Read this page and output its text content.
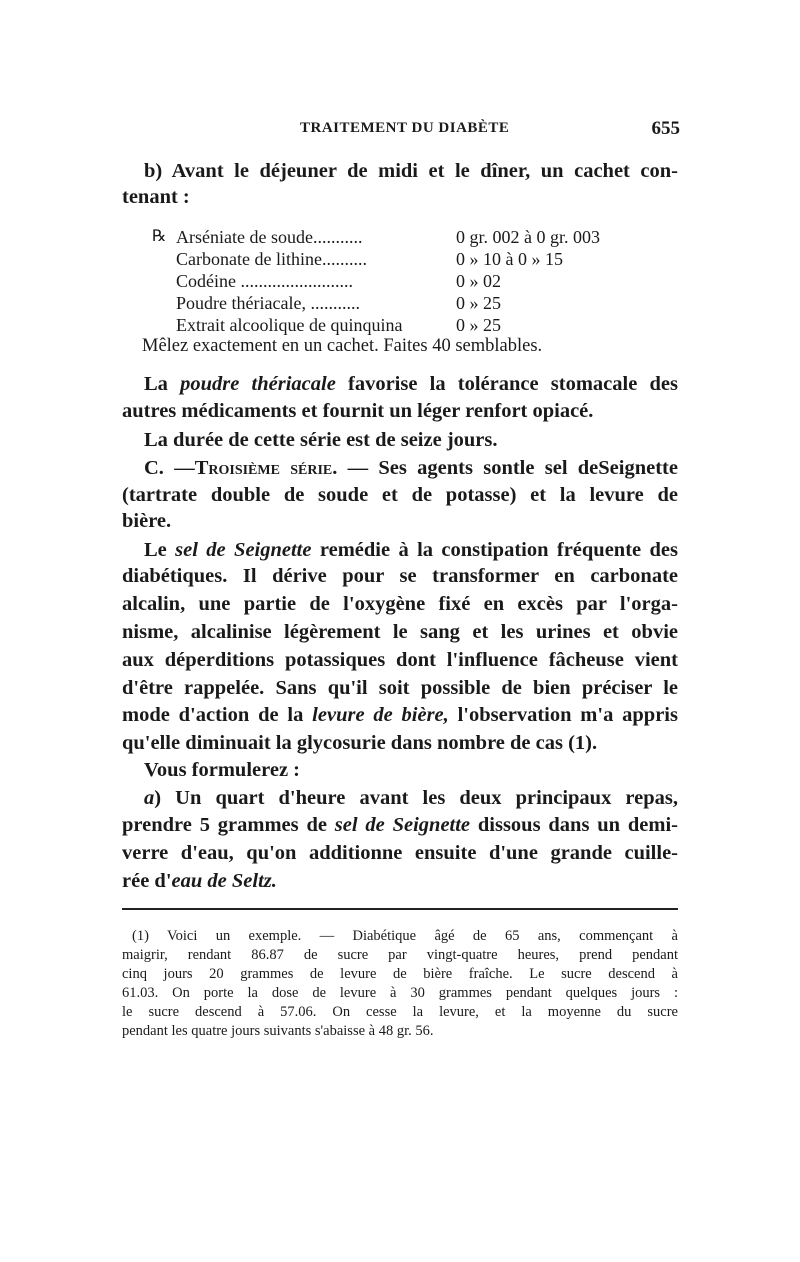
TRAITEMENT DU DIABÈTE	655
b) Avant le déjeuner de midi et le dîner, un cachet con-
tenant :
℞ Arséniate de soude...........	0 gr. 002 à 0 gr. 003
Carbonate de lithine..........	0 » 10 à 0 » 15
Codéine .........................	0 » 02
Poudre thériacale, ...........	0 » 25
Extrait alcoolique de quinquina	0 » 25
Mêlez exactement en un cachet. Faites 40 semblables.
La poudre thériacale favorise la tolérance stomacale des
autres médicaments et fournit un léger renfort opiacé.
La durée de cette série est de seize jours.
C. —Troisième série. — Ses agents sontle sel deSeignette
(tartrate double de soude et de potasse) et la levure de
bière.
Le sel de Seignette remédie à la constipation fréquente des
diabétiques. Il dérive pour se transformer en carbonate
alcalin, une partie de l'oxygène fixé en excès par l'orga-
nisme, alcalinise légèrement le sang et les urines et obvie
aux déperditions potassiques dont l'influence fâcheuse vient
d'être rappelée. Sans qu'il soit possible de bien préciser le
mode d'action de la levure de bière, l'observation m'a appris
qu'elle diminuait la glycosurie dans nombre de cas (1).
Vous formulerez :
a) Un quart d'heure avant les deux principaux repas,
prendre 5 grammes de sel de Seignette dissous dans un demi-
verre d'eau, qu'on additionne ensuite d'une grande cuille-
rée d'eau de Seltz.
(1) Voici un exemple. — Diabétique âgé de 65 ans, commençant à
maigrir, rendant 86.87 de sucre par vingt-quatre heures, prend pendant
cinq jours 20 grammes de levure de bière fraîche. Le sucre descend à
61.03. On porte la dose de levure à 30 grammes pendant quelques jours :
le sucre descend à 57.06. On cesse la levure, et la moyenne du sucre
pendant les quatre jours suivants s'abaisse à 48 gr. 56.
